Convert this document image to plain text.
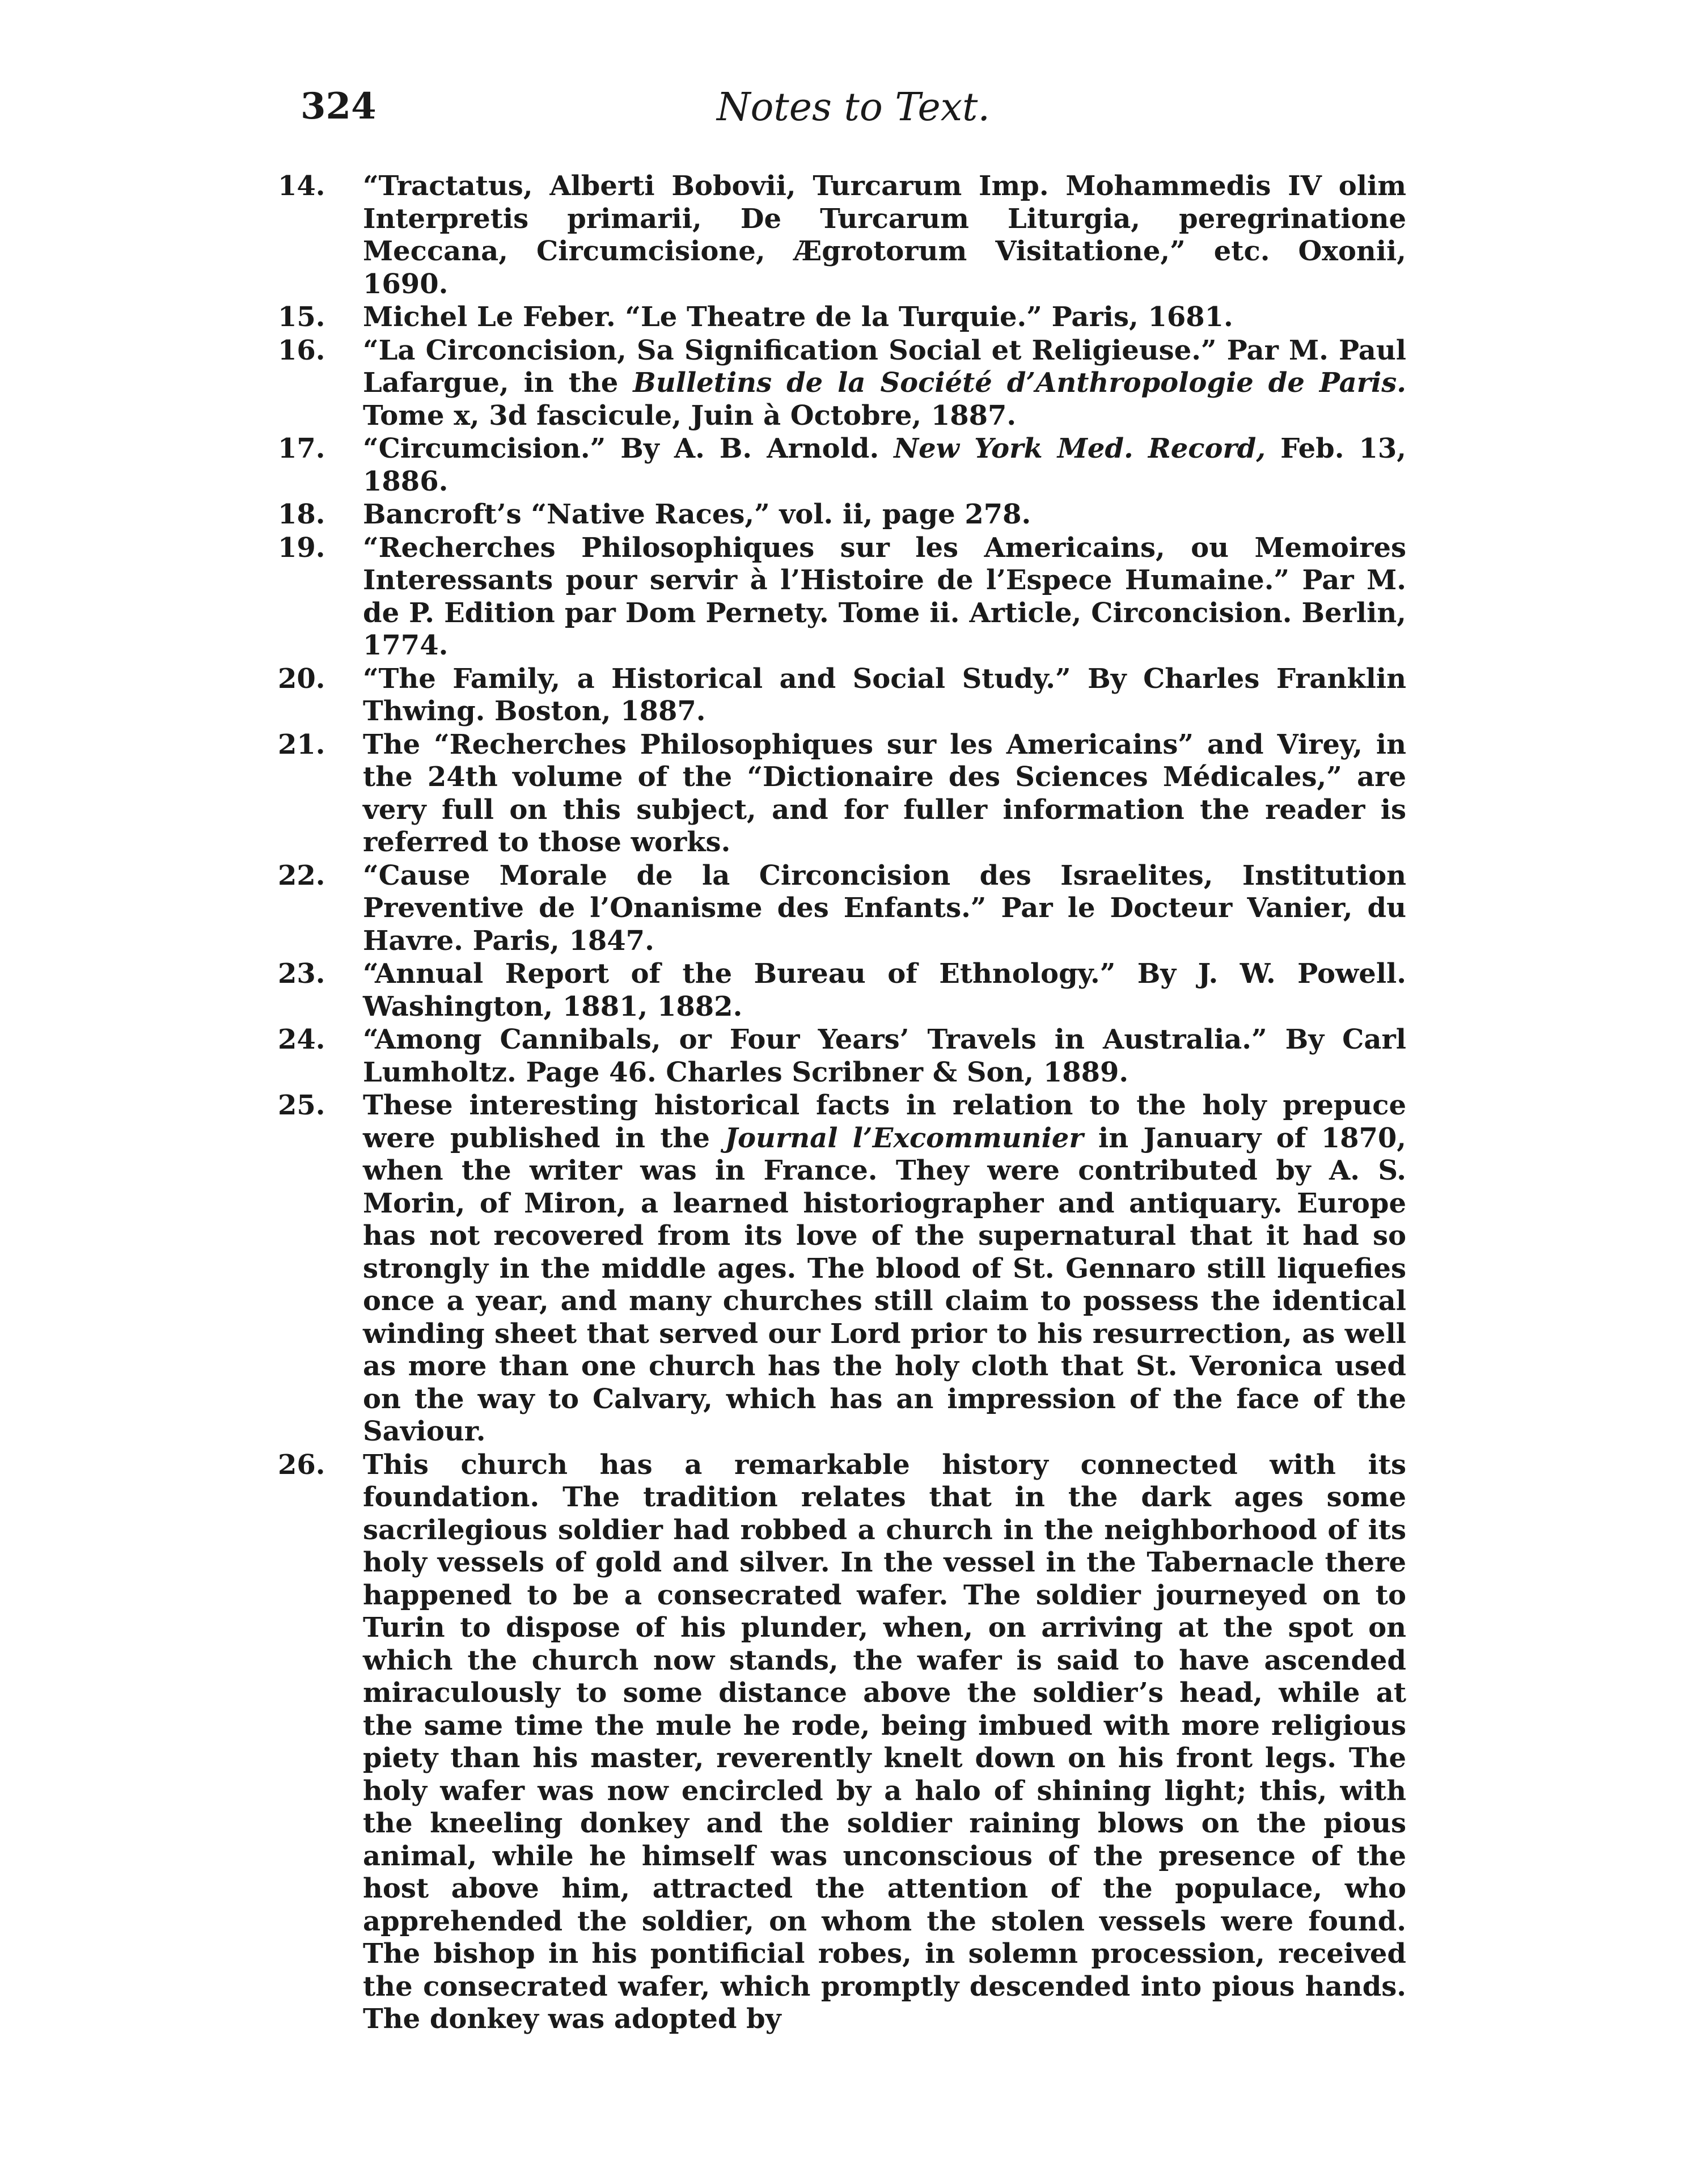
324	Notes to Text.
14.	“Tractatus, Alberti Bobovii, Turcarum Imp. Mohammedis IV olim Interpretis primarii, De Turcarum Liturgia, peregrinatione Meccana, Circumcisione, Ægrotorum Visitatione,” etc. Oxonii, 1690.
15.	Michel Le Feber. “Le Theatre de la Turquie.” Paris, 1681.
16.	“La Circoncision, Sa Signification Social et Religieuse.” Par M. Paul Lafargue, in the Bulletins de la Société d’Anthropologie de Paris. Tome x, 3d fascicule, Juin à Octobre, 1887.
17.	“Circumcision.” By A. B. Arnold. New York Med. Record, Feb. 13, 1886.
18.	Bancroft’s “Native Races,” vol. ii, page 278.
19.	“Recherches Philosophiques sur les Americains, ou Memoires Interessants pour servir à l’Histoire de l’Espece Humaine.” Par M. de P. Edition par Dom Pernety. Tome ii. Article, Circoncision. Berlin, 1774.
20.	“The Family, a Historical and Social Study.” By Charles Franklin Thwing. Boston, 1887.
21.	The “Recherches Philosophiques sur les Americains” and Virey, in the 24th volume of the “Dictionaire des Sciences Médicales,” are very full on this subject, and for fuller information the reader is referred to those works.
22.	“Cause Morale de la Circoncision des Israelites, Institution Preventive de l’Onanisme des Enfants.” Par le Docteur Vanier, du Havre. Paris, 1847.
23.	“Annual Report of the Bureau of Ethnology.” By J. W. Powell. Washington, 1881, 1882.
24.	“Among Cannibals, or Four Years’ Travels in Australia.” By Carl Lumholtz. Page 46. Charles Scribner & Son, 1889.
25.	These interesting historical facts in relation to the holy prepuce were published in the Journal l’Excommunier in January of 1870, when the writer was in France. They were contributed by A. S. Morin, of Miron, a learned historiographer and antiquary. Europe has not recovered from its love of the supernatural that it had so strongly in the middle ages. The blood of St. Gennaro still liquefies once a year, and many churches still claim to possess the identical winding sheet that served our Lord prior to his resurrection, as well as more than one church has the holy cloth that St. Veronica used on the way to Calvary, which has an impression of the face of the Saviour.
26.	This church has a remarkable history connected with its foundation. The tradition relates that in the dark ages some sacrilegious soldier had robbed a church in the neighborhood of its holy vessels of gold and silver. In the vessel in the Tabernacle there happened to be a consecrated wafer. The soldier journeyed on to Turin to dispose of his plunder, when, on arriving at the spot on which the church now stands, the wafer is said to have ascended miraculously to some distance above the soldier’s head, while at the same time the mule he rode, being imbued with more religious piety than his master, reverently knelt down on his front legs. The holy wafer was now encircled by a halo of shining light; this, with the kneeling donkey and the soldier raining blows on the pious animal, while he himself was unconscious of the presence of the host above him, attracted the attention of the populace, who apprehended the soldier, on whom the stolen vessels were found. The bishop in his pontificial robes, in solemn procession, received the consecrated wafer, which promptly descended into pious hands. The donkey was adopted by
